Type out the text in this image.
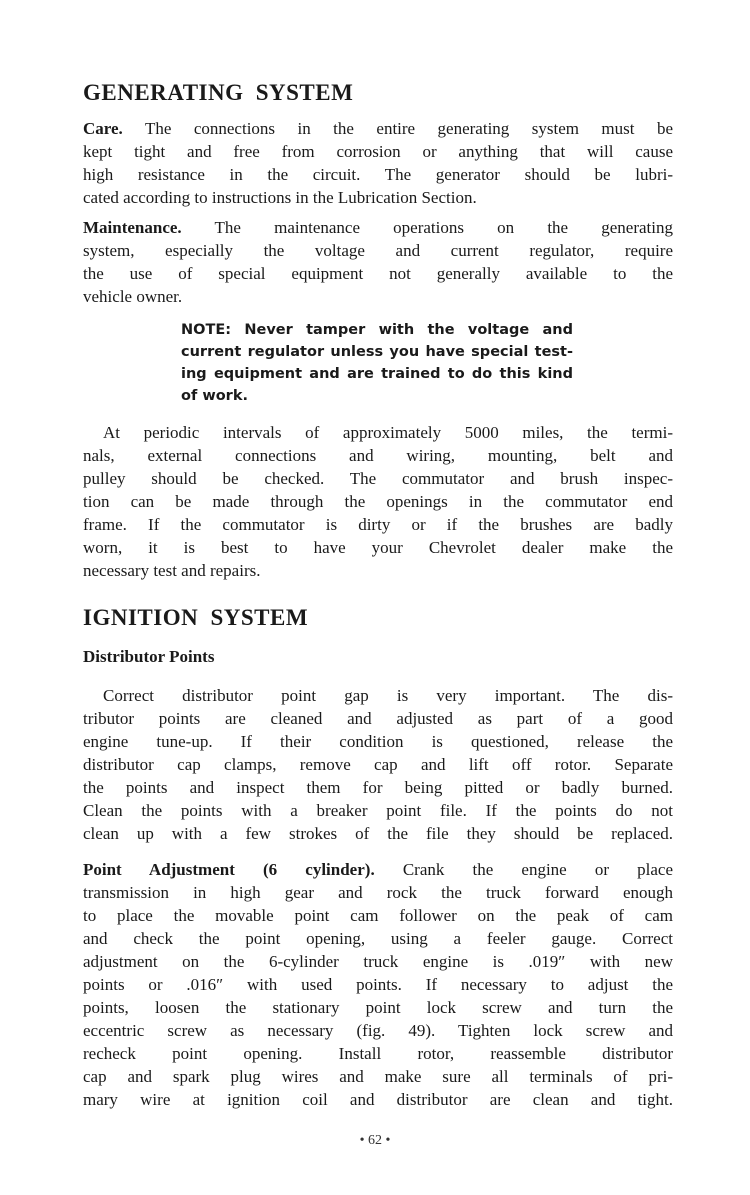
GENERATING SYSTEM
Care. The connections in the entire generating system must be
kept tight and free from corrosion or anything that will cause
high resistance in the circuit. The generator should be lubri-
cated according to instructions in the Lubrication Section.
Maintenance. The maintenance operations on the generating
system, especially the voltage and current regulator, require
the use of special equipment not generally available to the
vehicle owner.
NOTE: Never tamper with the voltage and
current regulator unless you have special test-
ing equipment and are trained to do this kind
of work.
At periodic intervals of approximately 5000 miles, the termi-
nals, external connections and wiring, mounting, belt and
pulley should be checked. The commutator and brush inspec-
tion can be made through the openings in the commutator end
frame. If the commutator is dirty or if the brushes are badly
worn, it is best to have your Chevrolet dealer make the
necessary test and repairs.
IGNITION SYSTEM
Distributor Points
Correct distributor point gap is very important. The dis-
tributor points are cleaned and adjusted as part of a good
engine tune-up. If their condition is questioned, release the
distributor cap clamps, remove cap and lift off rotor. Separate
the points and inspect them for being pitted or badly burned.
Clean the points with a breaker point file. If the points do not
clean up with a few strokes of the file they should be replaced.
Point Adjustment (6 cylinder). Crank the engine or place
transmission in high gear and rock the truck forward enough
to place the movable point cam follower on the peak of cam
and check the point opening, using a feeler gauge. Correct
adjustment on the 6-cylinder truck engine is .019″ with new
points or .016″ with used points. If necessary to adjust the
points, loosen the stationary point lock screw and turn the
eccentric screw as necessary (fig. 49). Tighten lock screw and
recheck point opening. Install rotor, reassemble distributor
cap and spark plug wires and make sure all terminals of pri-
mary wire at ignition coil and distributor are clean and tight.
• 62 •
